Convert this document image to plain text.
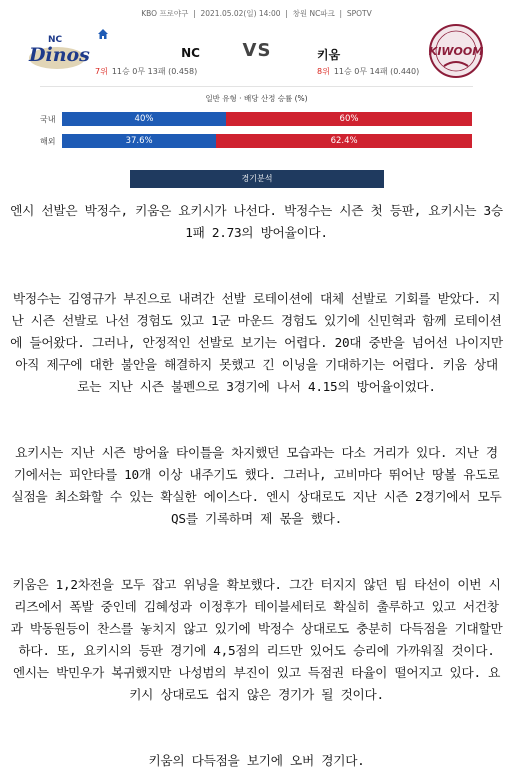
KBO 프로야구  |  2021.05.02(일) 14:00  |  창원 NC파크  |  SPOTV
NC
Dinos	NC
7위 11승 0무 13패 (0.458)
VS	키움
8위 11승 0무 14패 (0.440)
KIWOOM
일반 유형 · 배당 산정 승률 (%)
국내	40%	60%
해외	37.6%	62.4%
경기분석

엔시 선발은 박정수, 키움은 요키시가 나선다. 박정수는 시즌 첫 등판, 요키시는 3승 1패 2.73의 방어율이다.

박정수는 김영규가 부진으로 내려간 선발 로테이션에 대체 선발로 기회를 받았다. 지난 시즌 선발로 나선 경험도 있고 1군 마운드 경험도 있기에 신민혁과 함께 로테이션에 들어왔다. 그러나, 안정적인 선발로 보기는 어렵다. 20대 중반을 넘어선 나이지만 아직 제구에 대한 불안을 해결하지 못했고 긴 이닝을 기대하기는 어렵다. 키움 상대로는 지난 시즌 불펜으로 3경기에 나서 4.15의 방어율이었다.

요키시는 지난 시즌 방어율 타이틀을 차지했던 모습과는 다소 거리가 있다. 지난 경기에서는 피안타를 10개 이상 내주기도 했다. 그러나, 고비마다 뛰어난 땅볼 유도로 실점을 최소화할 수 있는 확실한 에이스다. 엔시 상대로도 지난 시즌 2경기에서 모두 QS를 기록하며 제 몫을 했다.

키움은 1,2차전을 모두 잡고 위닝을 확보했다. 그간 터지지 않던 팀 타선이 이번 시리즈에서 폭발 중인데 김혜성과 이정후가 테이블세터로 확실히 출루하고 있고 서건창과 박동원등이 찬스를 놓치지 않고 있기에 박정수 상대로도 충분히 다득점을 기대할만 하다. 또, 요키시의 등판 경기에 4,5점의 리드만 있어도 승리에 가까워질 것이다. 엔시는 박민우가 복귀했지만 나성범의 부진이 있고 득점권 타율이 떨어지고 있다. 요키시 상대로도 쉽지 않은 경기가 될 것이다.

키움의 다득점을 보기에 오버 경기다.
